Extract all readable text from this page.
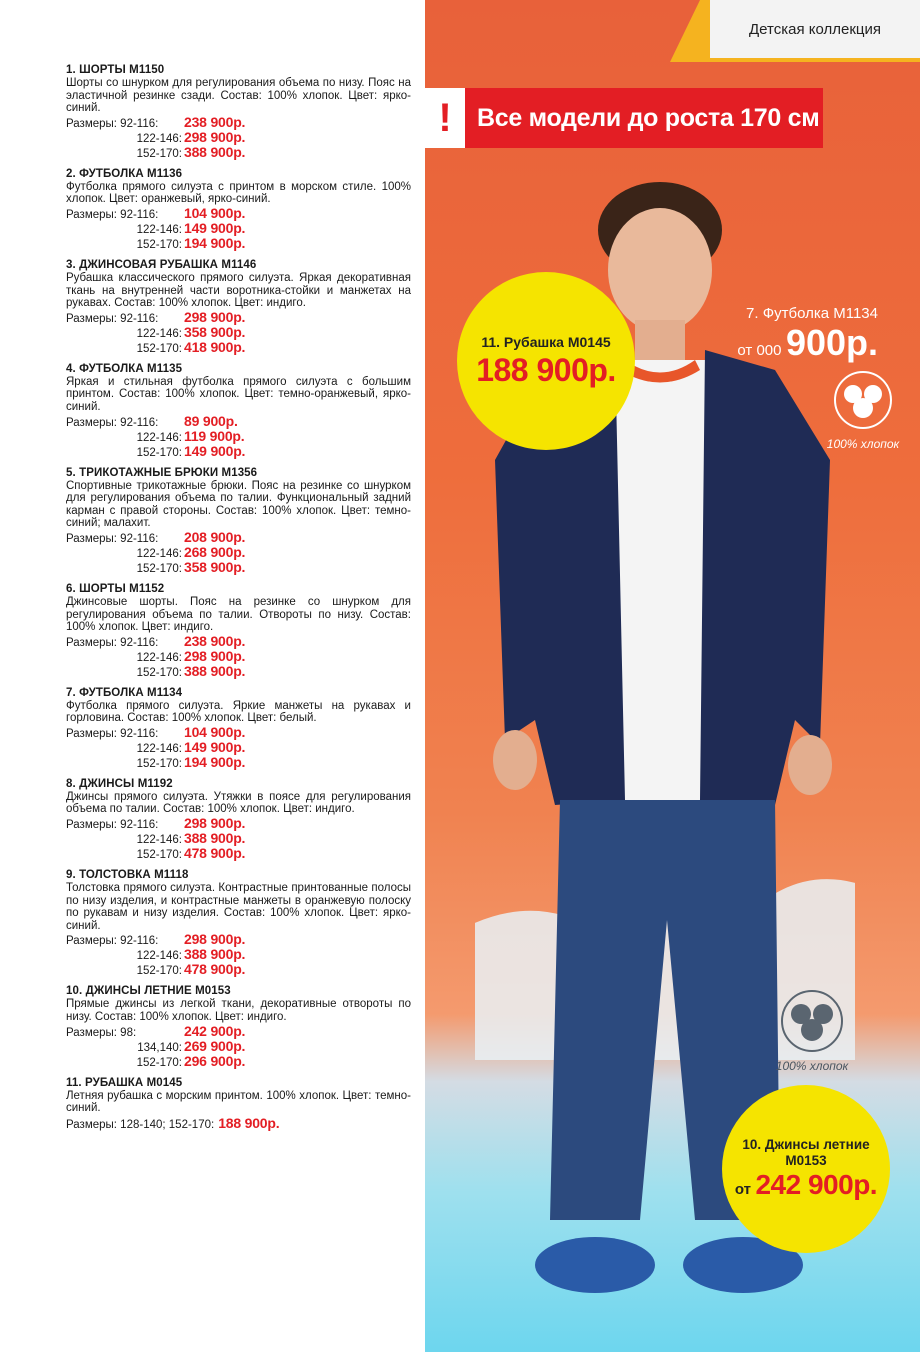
1. ШОРТЫ М1150
Шорты со шнурком для регулирования объема по низу. Пояс на эластичной резинке сзади. Состав: 100% хлопок. Цвет: ярко-синий.
Размеры: 92-116:	238 900р.
122-146: 298 900р.
152-170: 388 900р.
2. ФУТБОЛКА М1136
Футболка прямого силуэта с принтом в морском стиле. 100% хлопок. Цвет: оранжевый, ярко-синий.
Размеры: 92-116:	104 900р.
122-146: 149 900р.
152-170: 194 900р.
3. ДЖИНСОВАЯ РУБАШКА М1146
Рубашка классического прямого силуэта. Яркая декоративная ткань на внутренней части воротника-стойки и манжетах на рукавах. Состав: 100% хлопок. Цвет: индиго.
Размеры: 92-116:	298 900р.
122-146: 358 900р.
152-170: 418 900р.
4. ФУТБОЛКА М1135
Яркая и стильная футболка прямого силуэта с большим принтом. Состав: 100% хлопок. Цвет: темно-оранжевый, ярко-синий.
Размеры: 92-116:	89 900р.
122-146: 119 900р.
152-170: 149 900р.
5. ТРИКОТАЖНЫЕ БРЮКИ М1356
Спортивные трикотажные брюки. Пояс на резинке со шнурком для регулирования объема по талии. Функциональный задний карман с правой стороны. Состав: 100% хлопок. Цвет: темно-синий; малахит.
Размеры: 92-116:	208 900р.
122-146: 268 900р.
152-170: 358 900р.
6. ШОРТЫ М1152
Джинсовые шорты. Пояс на резинке со шнурком для регулирования объема по талии. Отвороты по низу. Состав: 100% хлопок. Цвет: индиго.
Размеры: 92-116:	238 900р.
122-146: 298 900р.
152-170: 388 900р.
7. ФУТБОЛКА М1134
Футболка прямого силуэта. Яркие манжеты на рукавах и горловина. Состав: 100% хлопок. Цвет: белый.
Размеры: 92-116:	104 900р.
122-146: 149 900р.
152-170: 194 900р.
8. ДЖИНСЫ М1192
Джинсы прямого силуэта. Утяжки в поясе для регулирования объема по талии. Состав: 100% хлопок. Цвет: индиго.
Размеры: 92-116:	298 900р.
122-146: 388 900р.
152-170: 478 900р.
9. ТОЛСТОВКА М1118
Толстовка прямого силуэта. Контрастные принтованные полосы по низу изделия, и контрастные манжеты в оранжевую полоску по рукавам и низу изделия. Состав: 100% хлопок. Цвет: ярко-синий.
Размеры: 92-116:	298 900р.
122-146: 388 900р.
152-170: 478 900р.
10. ДЖИНСЫ ЛЕТНИЕ М0153
Прямые джинсы из легкой ткани, декоративные отвороты по низу. Состав: 100% хлопок. Цвет: индиго.
Размеры: 98:	242 900р.
134,140: 269 900р.
152-170: 296 900р.
11. РУБАШКА М0145
Летняя рубашка с морским принтом. 100% хлопок. Цвет: темно-синий.
Размеры: 128-140; 152-170: 188 900р.
Детская коллекция
!	Все модели до роста 170 см
11. Рубашка М0145
188 900р.
7. Футболка М1134
от 000 900р.
100% хлопок
100% хлопок
10. Джинсы летние М0153
от 242 900р.
